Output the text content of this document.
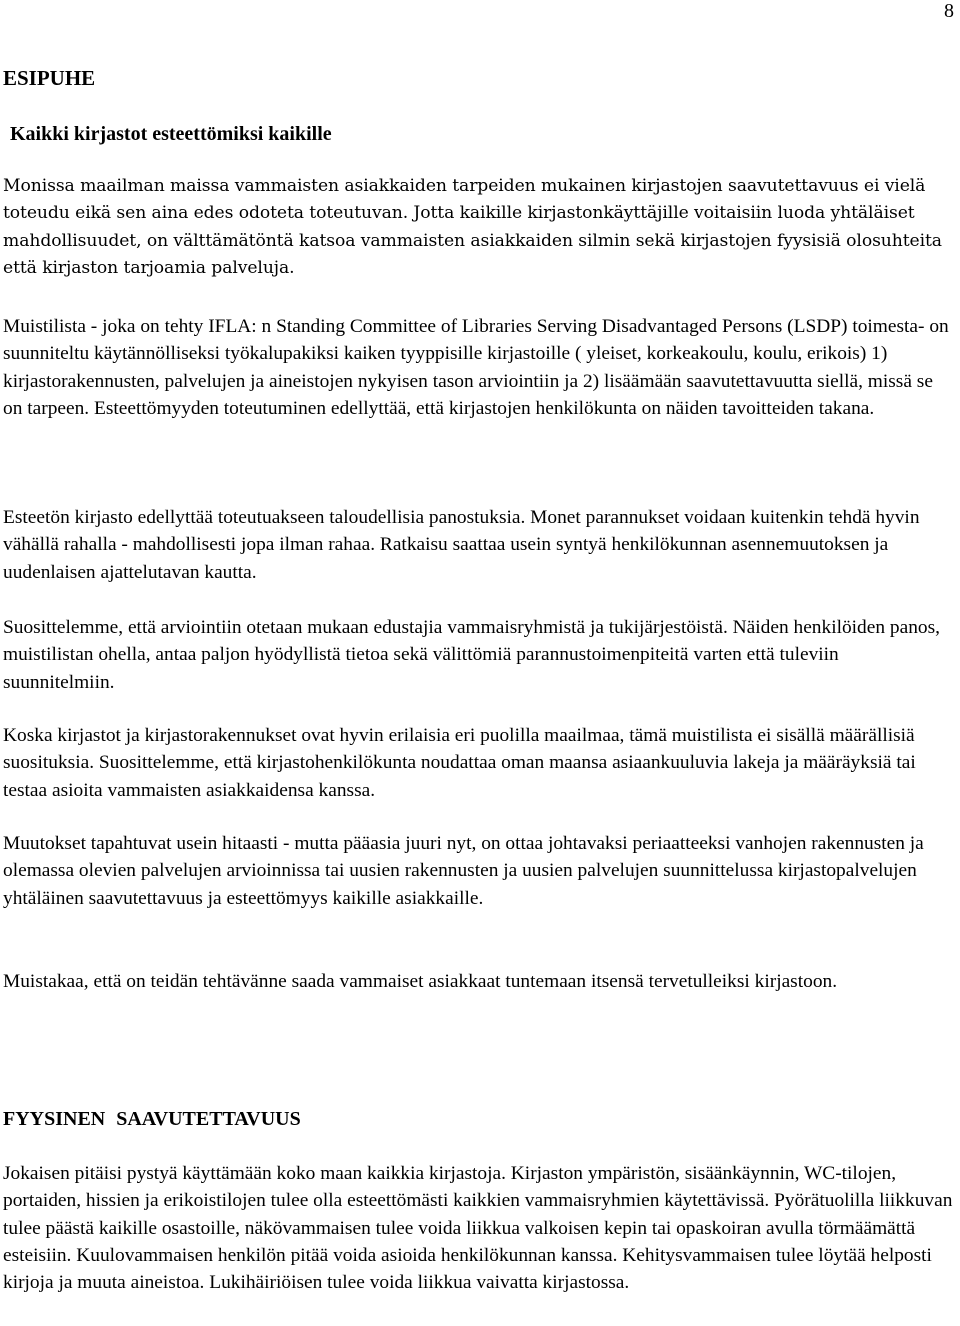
8
ESIPUHE
Kaikki kirjastot esteettömiksi kaikille

Monissa maailman maissa vammaisten asiakkaiden tarpeiden mukainen kirjastojen saavutettavuus ei vielä toteudu eikä sen aina edes odoteta toteutuvan. Jotta kaikille kirjastonkäyttäjille voitaisiin luoda yhtäläiset mahdollisuudet, on välttämätöntä katsoa vammaisten asiakkaiden silmin sekä kirjastojen fyysisiä olosuhteita että kirjaston tarjoamia palveluja.

Muistilista - joka on tehty IFLA: n Standing Committee of Libraries Serving Disadvantaged Persons (LSDP) toimesta- on suunniteltu käytännölliseksi työkalupakiksi kaiken tyyppisille kirjastoille ( yleiset, korkeakoulu, koulu, erikois) 1) kirjastorakennusten, palvelujen ja aineistojen nykyisen tason arviointiin ja 2) lisäämään saavutettavuutta siellä, missä se on tarpeen. Esteettömyyden toteutuminen edellyttää, että kirjastojen henkilökunta on näiden tavoitteiden takana.

Esteetön kirjasto edellyttää toteutuakseen taloudellisia panostuksia. Monet parannukset voidaan kuitenkin tehdä hyvin vähällä rahalla - mahdollisesti jopa ilman rahaa. Ratkaisu saattaa usein syntyä henkilökunnan asennemuutoksen ja uudenlaisen ajattelutavan kautta.

Suosittelemme, että arviointiin otetaan mukaan edustajia vammaisryhmistä ja tukijärjestöistä. Näiden henkilöiden panos, muistilistan ohella, antaa paljon hyödyllistä tietoa sekä välittömiä parannustoimenpiteitä varten että tuleviin suunnitelmiin.

Koska kirjastot ja kirjastorakennukset ovat hyvin erilaisia eri puolilla maailmaa, tämä muistilista ei sisällä määrällisiä suosituksia. Suosittelemme, että kirjastohenkilökunta noudattaa oman maansa asiaankuuluvia lakeja ja määräyksiä tai testaa asioita vammaisten asiakkaidensa kanssa.

Muutokset tapahtuvat usein hitaasti - mutta pääasia juuri nyt, on ottaa johtavaksi periaatteeksi vanhojen rakennusten ja olemassa olevien palvelujen arvioinnissa tai uusien rakennusten ja uusien palvelujen suunnittelussa kirjastopalvelujen yhtäläinen saavutettavuus ja esteettömyys kaikille asiakkaille.

Muistakaa, että on teidän tehtävänne saada vammaiset asiakkaat tuntemaan itsensä tervetulleiksi kirjastoon.

FYYSINEN SAAVUTETTAVUUS

Jokaisen pitäisi pystyä käyttämään koko maan kaikkia kirjastoja. Kirjaston ympäristön, sisäänkäynnin, WC-tilojen, portaiden, hissien ja erikoistilojen tulee olla esteettömästi kaikkien vammaisryhmien käytettävissä. Pyörätuolilla liikkuvan tulee päästä kaikille osastoille, näkövammaisen tulee voida liikkua valkoisen kepin tai opaskoiran avulla törmäämättä esteisiin. Kuulovammaisen henkilön pitää voida asioida henkilökunnan kanssa. Kehitysvammaisen tulee löytää helposti kirjoja ja muuta aineistoa. Lukihäiriöisen tulee voida liikkua vaivatta kirjastossa.
